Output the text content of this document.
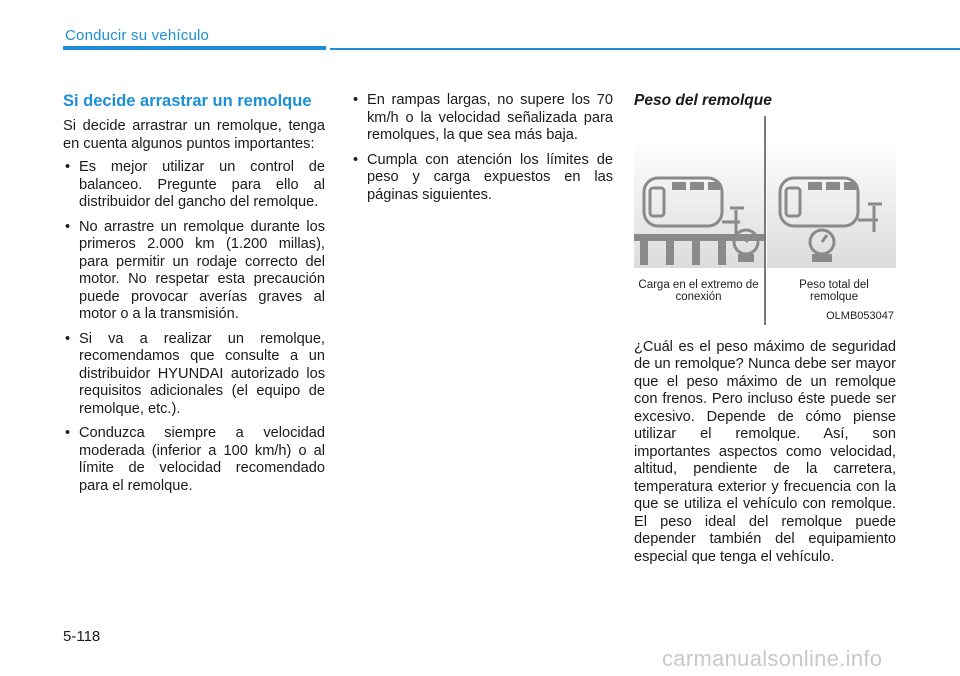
Conducir su vehículo
Si decide arrastrar un remolque

Si decide arrastrar un remolque, tenga en cuenta algunos puntos importantes:

• Es mejor utilizar un control de balanceo. Pregunte para ello al distribuidor del gancho del remolque.
• No arrastre un remolque durante los primeros 2.000 km (1.200 millas), para permitir un rodaje correcto del motor. No respetar esta precaución puede provocar averías graves al motor o a la transmisión.
• Si va a realizar un remolque, recomendamos que consulte a un distribuidor HYUNDAI autorizado los requisitos adicionales (el equipo de remolque, etc.).
• Conduzca siempre a velocidad moderada (inferior a 100 km/h) o al límite de velocidad recomendado para el remolque.
• En rampas largas, no supere los 70 km/h o la velocidad señalizada para remolques, la que sea más baja.
• Cumpla con atención los límites de peso y carga expuestos en las páginas siguientes.
Peso del remolque
Carga en el extremo de conexión
Peso total del remolque
OLMB053047

¿Cuál es el peso máximo de seguridad de un remolque? Nunca debe ser mayor que el peso máximo de un remolque con frenos. Pero incluso éste puede ser excesivo. Depende de cómo piense utilizar el remolque. Así, son importantes aspectos como velocidad, altitud, pendiente de la carretera, temperatura exterior y frecuencia con la que se utiliza el vehículo con remolque. El peso ideal del remolque puede depender también del equipamiento especial que tenga el vehículo.

5-118
carmanualsonline.info
